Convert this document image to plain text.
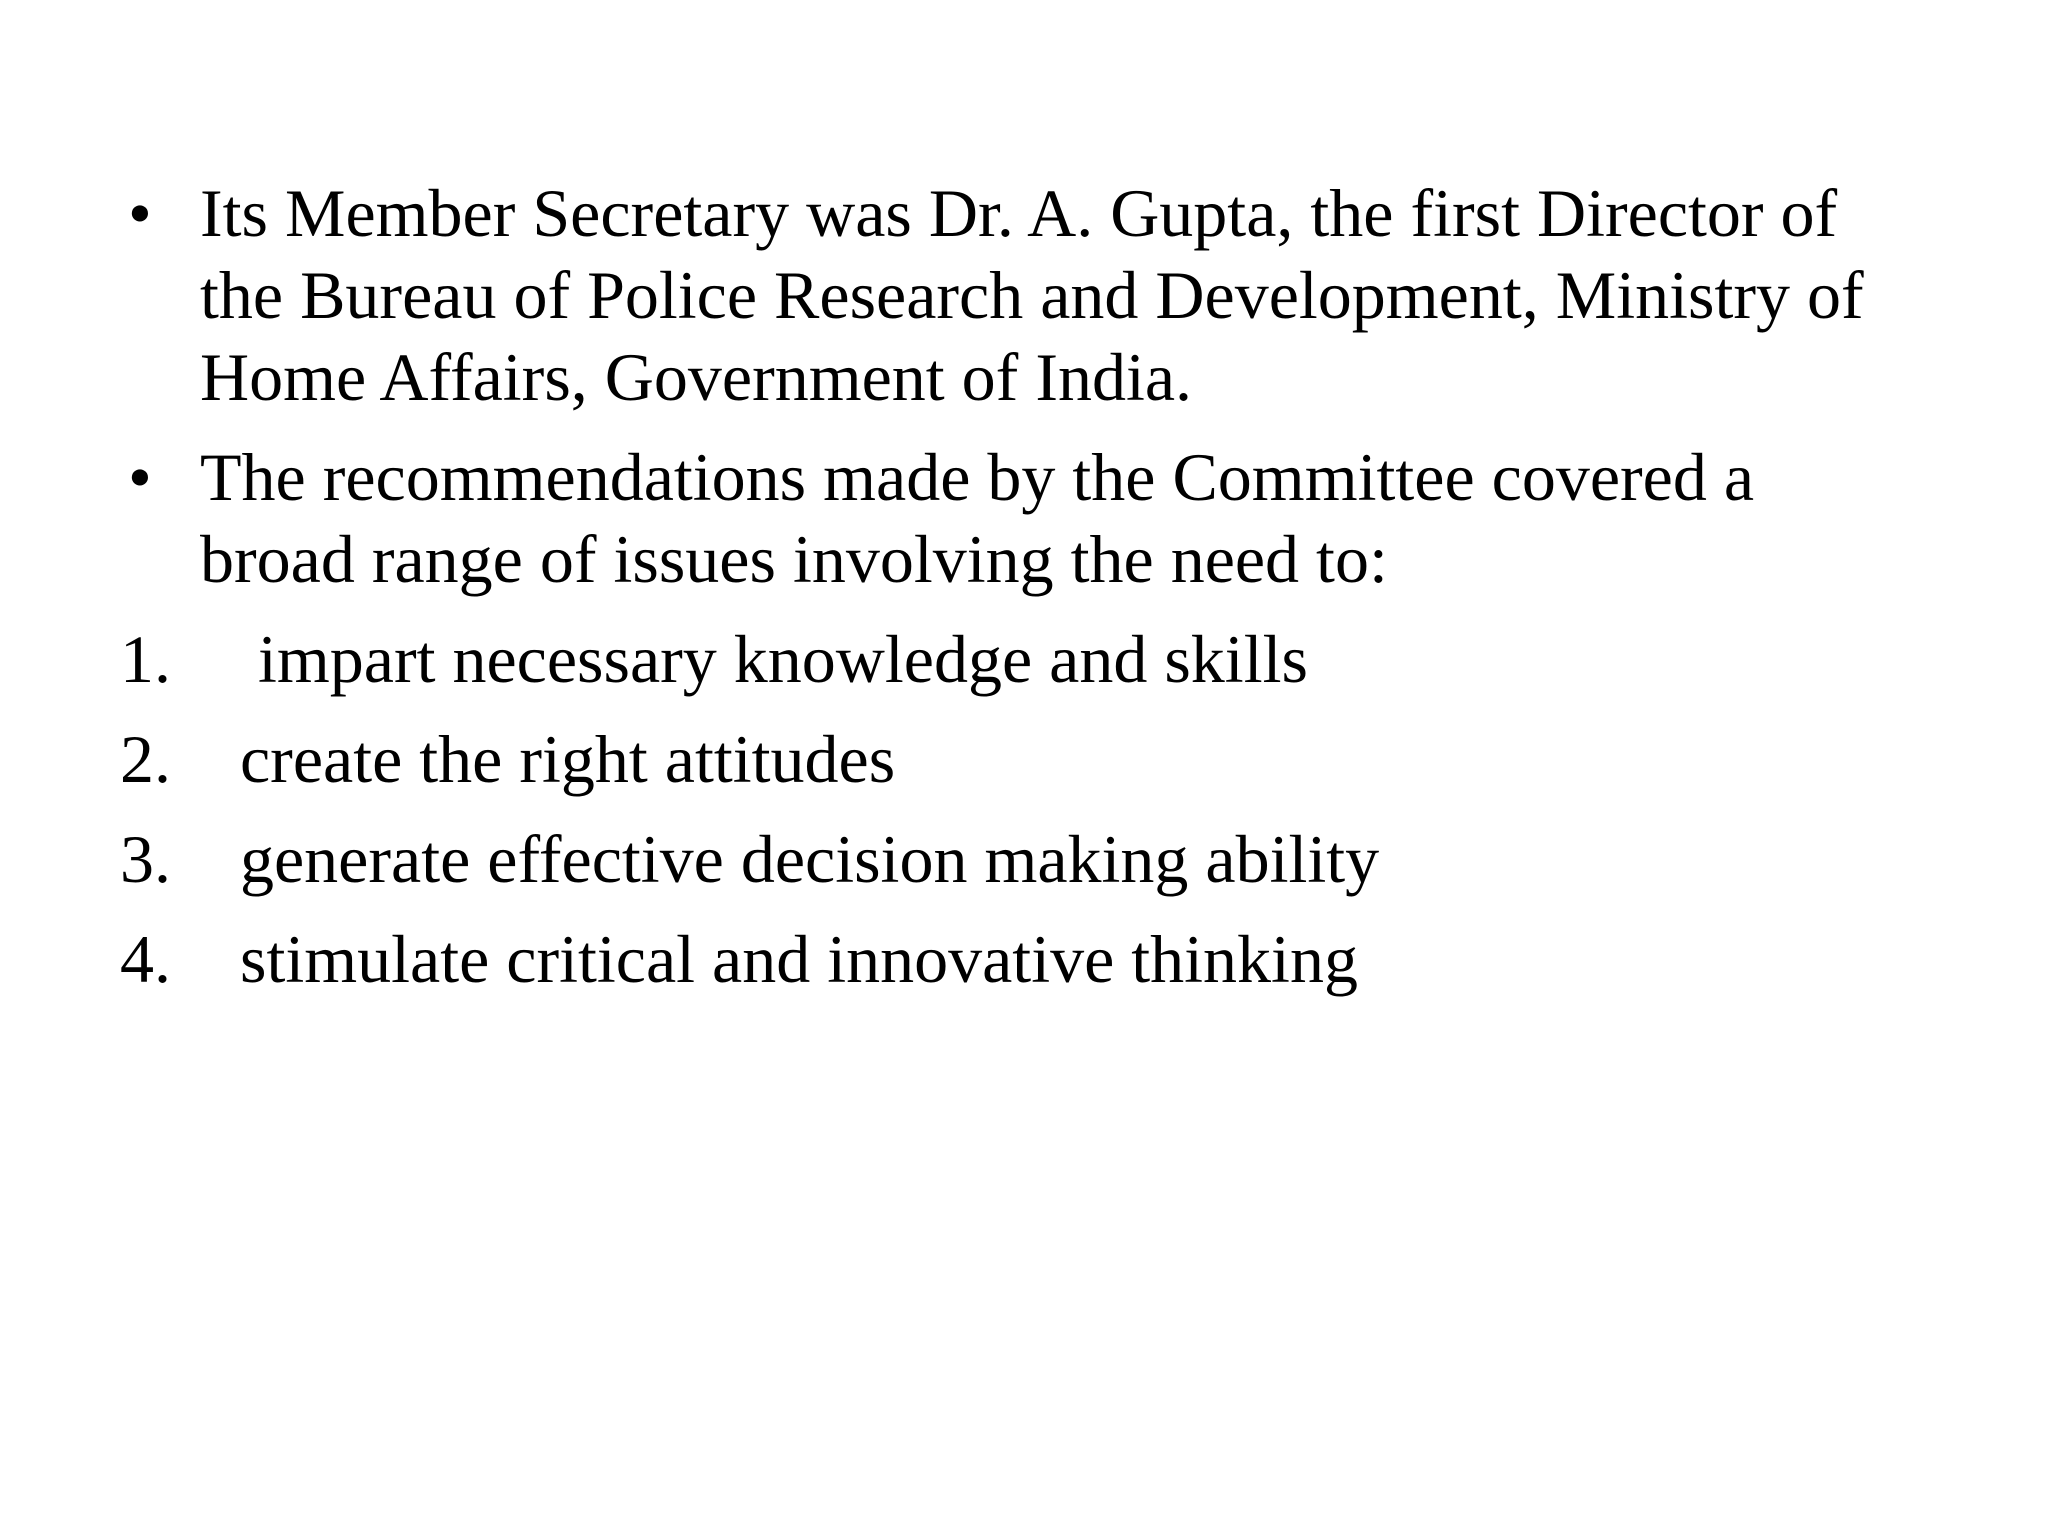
• Its Member Secretary was Dr. A. Gupta, the first Director of
the Bureau of Police Research and Development, Ministry of
Home Affairs, Government of India.
• The recommendations made by the Committee covered a
broad range of issues involving the need to:
1. impart necessary knowledge and skills
2. create the right attitudes
3. generate effective decision making ability
4. stimulate critical and innovative thinking
